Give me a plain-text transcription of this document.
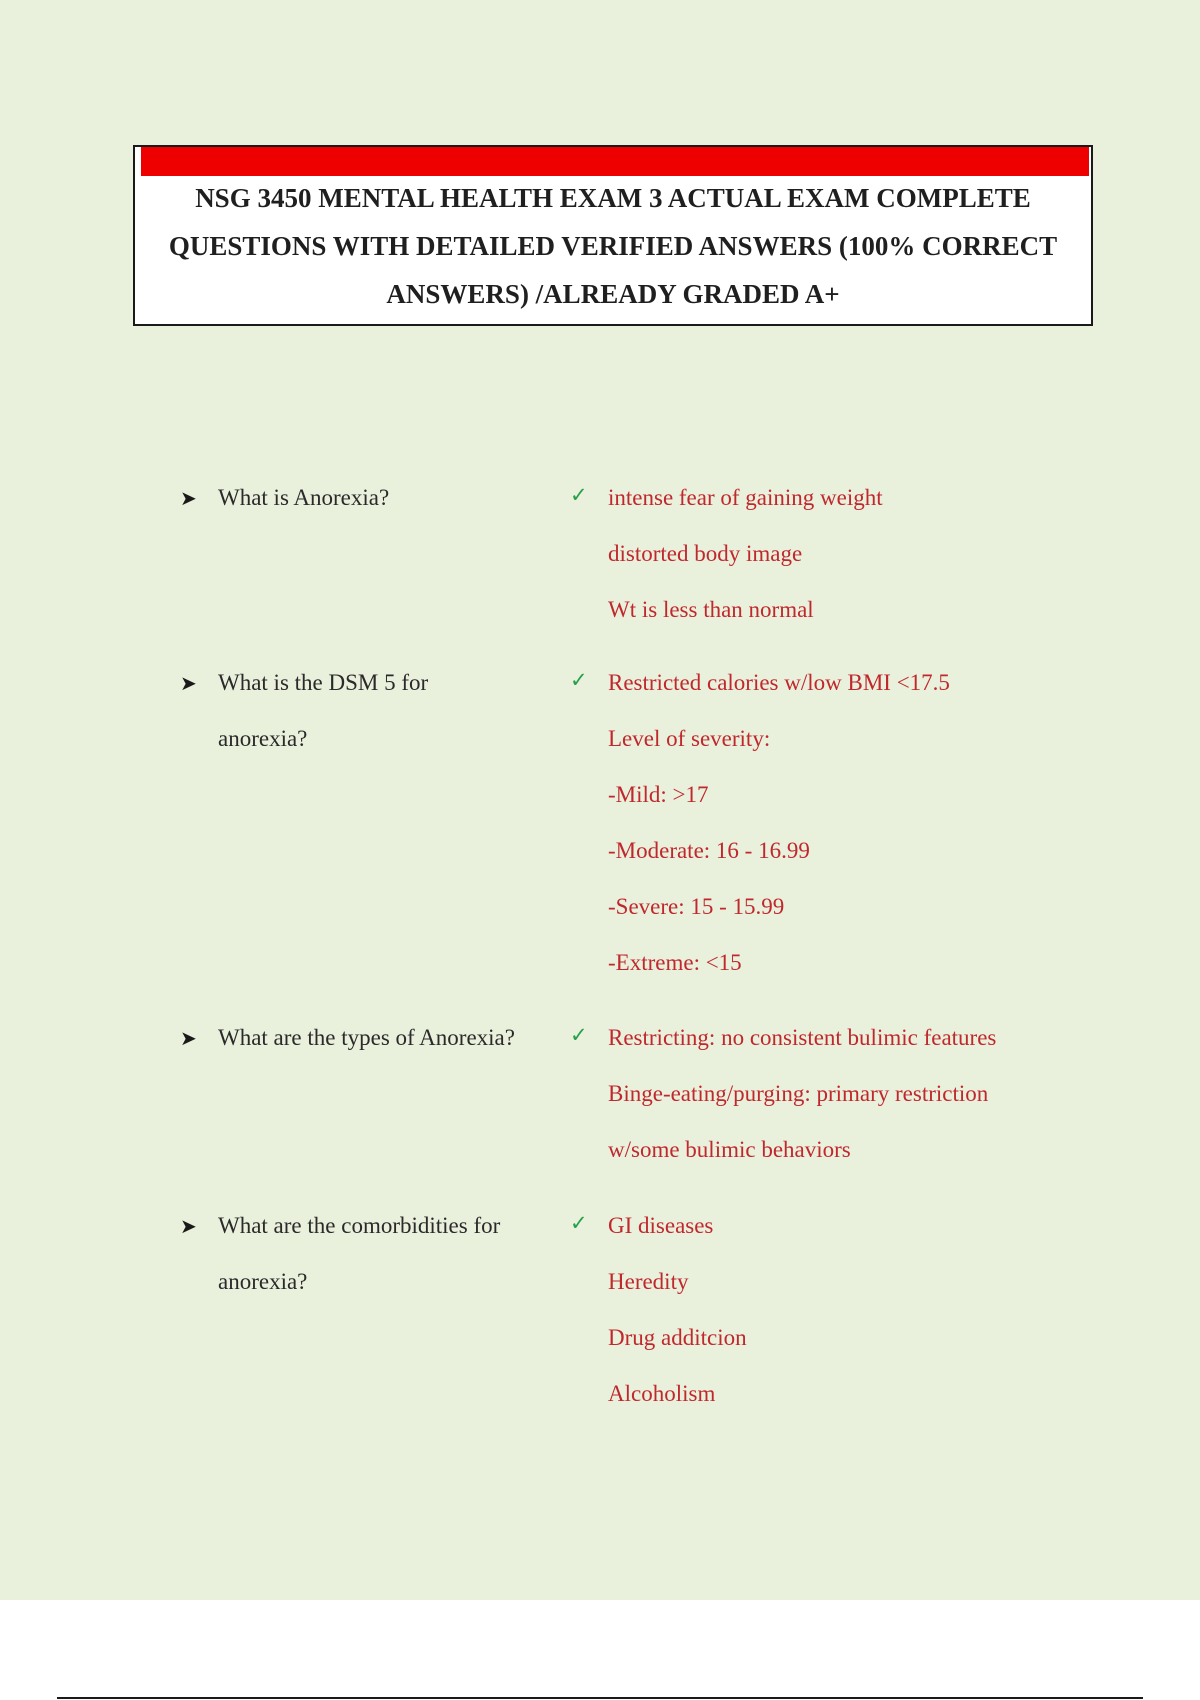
NSG 3450 MENTAL HEALTH EXAM 3 ACTUAL EXAM COMPLETE QUESTIONS WITH DETAILED VERIFIED ANSWERS (100% CORRECT ANSWERS) /ALREADY GRADED A+
➤ What is Anorexia?	✓ intense fear of gaining weight
distorted body image
Wt is less than normal
➤ What is the DSM 5 for anorexia?
✓ Restricted calories w/low BMI <17.5
Level of severity:
-Mild: >17
-Moderate: 16 - 16.99
-Severe: 15 - 15.99
-Extreme: <15
➤ What are the types of Anorexia?	✓ Restricting: no consistent bulimic features
Binge-eating/purging: primary restriction
w/some bulimic behaviors
➤ What are the comorbidities for anorexia?
✓ GI diseases
Heredity
Drug additcion
Alcoholism
